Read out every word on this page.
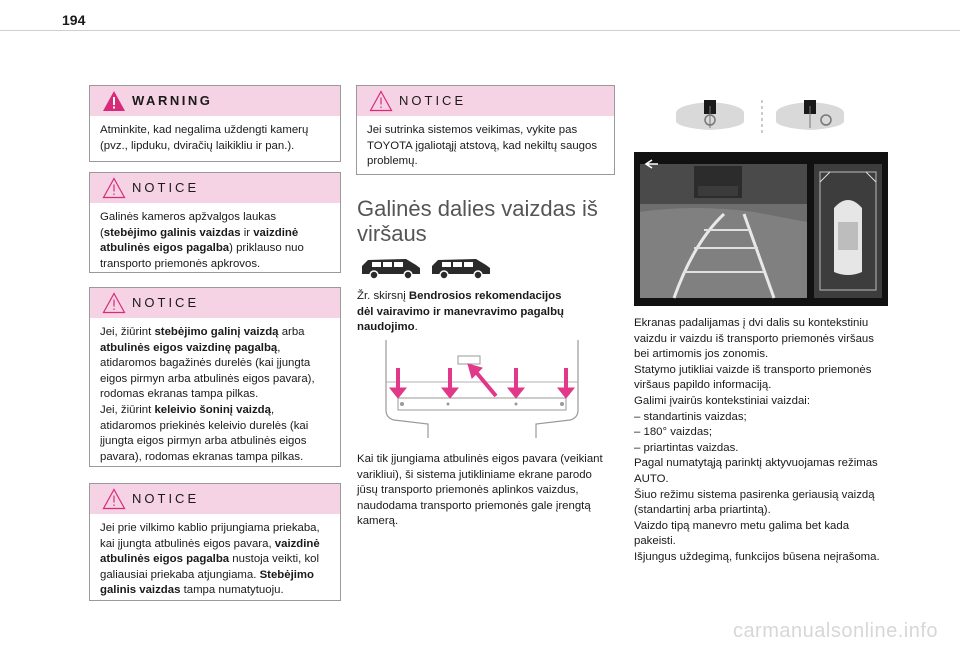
194
WARNING
Atminkite, kad negalima uždengti kamerų
(pvz., lipduku, dviračių laikikliu ir pan.).
NOTICE
Galinės kameros apžvalgos laukas
(stebėjimo galinis vaizdas ir vaizdinė
atbulinės eigos pagalba) priklauso nuo
transporto priemonės apkrovos.
NOTICE
Jei, žiūrint stebėjimo galinį vaizdą arba
atbulinės eigos vaizdinę pagalbą,
atidaromos bagažinės durelės (kai įjungta
eigos pirmyn arba atbulinės eigos pavara),
rodomas ekranas tampa pilkas.
Jei, žiūrint keleivio šoninį vaizdą,
atidaromos priekinės keleivio durelės (kai
įjungta eigos pirmyn arba atbulinės eigos
pavara), rodomas ekranas tampa pilkas.
NOTICE
Jei prie vilkimo kablio prijungiama priekaba,
kai įjungta atbulinės eigos pavara, vaizdinė
atbulinės eigos pagalba nustoja veikti, kol
galiausiai priekaba atjungiama. Stebėjimo
galinis vaizdas tampa numatytuoju.
NOTICE
Jei sutrinka sistemos veikimas, vykite pas
TOYOTA įgaliotąjį atstovą, kad nekiltų saugos
problemų.
Galinės dalies vaizdas iš
viršaus
Žr. skirsnį Bendrosios rekomendacijos
dėl vairavimo ir manevravimo pagalbų
naudojimo.
Kai tik įjungiama atbulinės eigos pavara (veikiant
varikliui), ši sistema jutikliniame ekrane parodo
jūsų transporto priemonės aplinkos vaizdus,
naudodama transporto priemonės gale įrengtą
kamerą.
Ekranas padalijamas į dvi dalis su kontekstiniu
vaizdu ir vaizdu iš transporto priemonės viršaus
bei artimomis jos zonomis.
Statymo jutikliai vaizde iš transporto priemonės
viršaus papildo informaciją.
Galimi įvairūs kontekstiniai vaizdai:
– standartinis vaizdas;
– 180° vaizdas;
– priartintas vaizdas.
Pagal numatytąją parinktį aktyvuojamas režimas
AUTO.
Šiuo režimu sistema pasirenka geriausią vaizdą
(standartinį arba priartintą).
Vaizdo tipą manevro metu galima bet kada
pakeisti.
Išjungus uždegimą, funkcijos būsena neįrašoma.
carmanualsonline.info
